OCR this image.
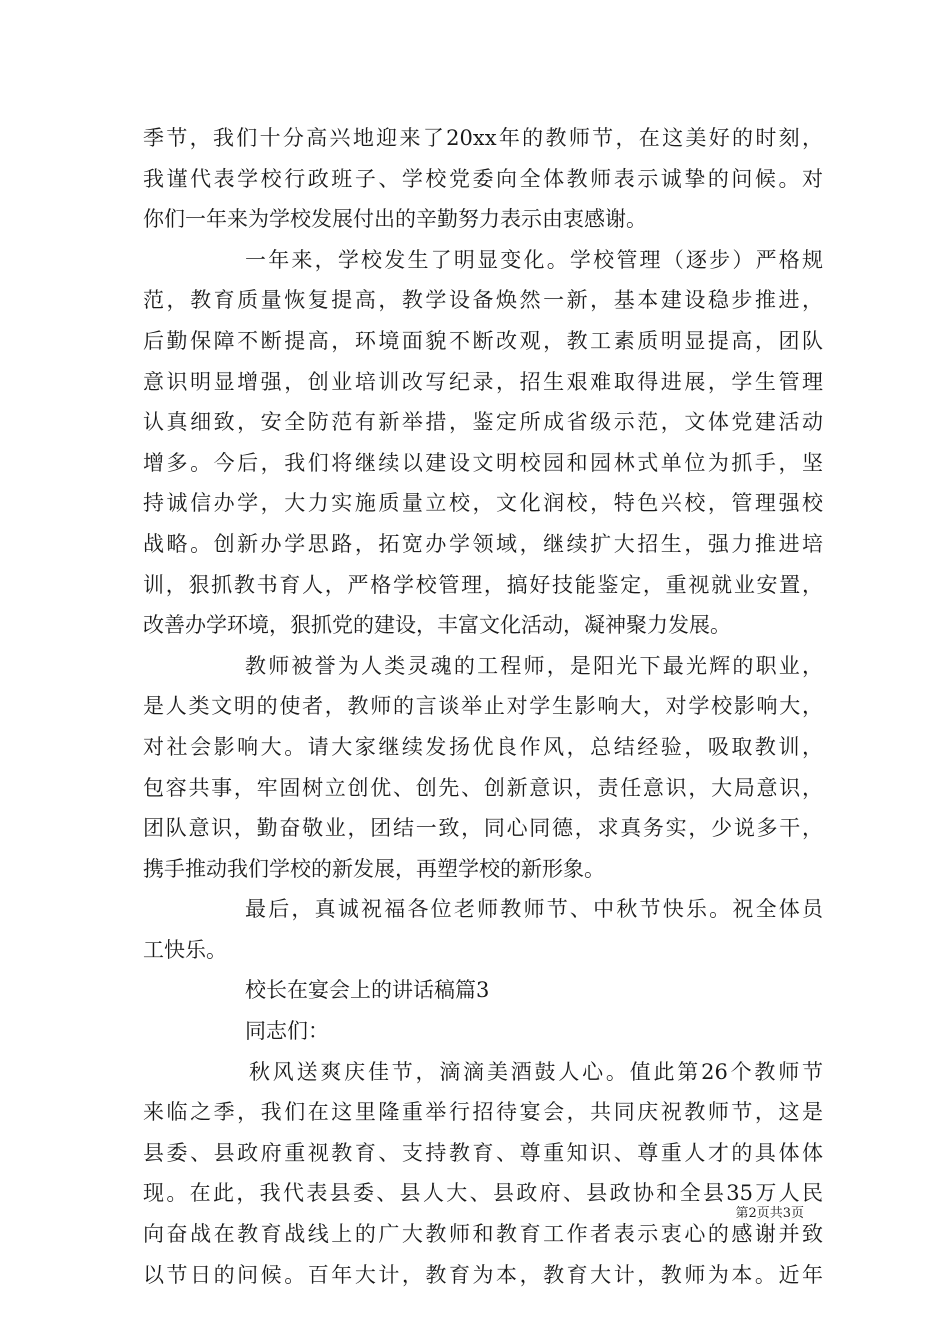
季节，我们十分高兴地迎来了20xx年的教师节，在这美好的时刻，
我谨代表学校行政班子、学校党委向全体教师表示诚挚的问候。对
你们一年来为学校发展付出的辛勤努力表示由衷感谢。
一年来，学校发生了明显变化。学校管理（逐步）严格规
范，教育质量恢复提高，教学设备焕然一新，基本建设稳步推进，
后勤保障不断提高，环境面貌不断改观，教工素质明显提高，团队
意识明显增强，创业培训改写纪录，招生艰难取得进展，学生管理
认真细致，安全防范有新举措，鉴定所成省级示范，文体党建活动
增多。今后，我们将继续以建设文明校园和园林式单位为抓手，坚
持诚信办学，大力实施质量立校，文化润校，特色兴校，管理强校
战略。创新办学思路，拓宽办学领域，继续扩大招生，强力推进培
训，狠抓教书育人，严格学校管理，搞好技能鉴定，重视就业安置，
改善办学环境，狠抓党的建设，丰富文化活动，凝神聚力发展。
教师被誉为人类灵魂的工程师，是阳光下最光辉的职业，
是人类文明的使者，教师的言谈举止对学生影响大，对学校影响大，
对社会影响大。请大家继续发扬优良作风，总结经验，吸取教训，
包容共事，牢固树立创优、创先、创新意识，责任意识，大局意识，
团队意识，勤奋敬业，团结一致，同心同德，求真务实，少说多干，
携手推动我们学校的新发展，再塑学校的新形象。
最后，真诚祝福各位老师教师节、中秋节快乐。祝全体员
工快乐。
校长在宴会上的讲话稿篇3
同志们：
秋风送爽庆佳节，滴滴美酒鼓人心。值此第26个教师节
来临之季，我们在这里隆重举行招待宴会，共同庆祝教师节，这是
县委、县政府重视教育、支持教育、尊重知识、尊重人才的具体体
现。在此，我代表县委、县人大、县政府、县政协和全县35万人民
向奋战在教育战线上的广大教师和教育工作者表示衷心的感谢并致
以节日的问候。百年大计，教育为本，教育大计，教师为本。近年
第2页共3页
